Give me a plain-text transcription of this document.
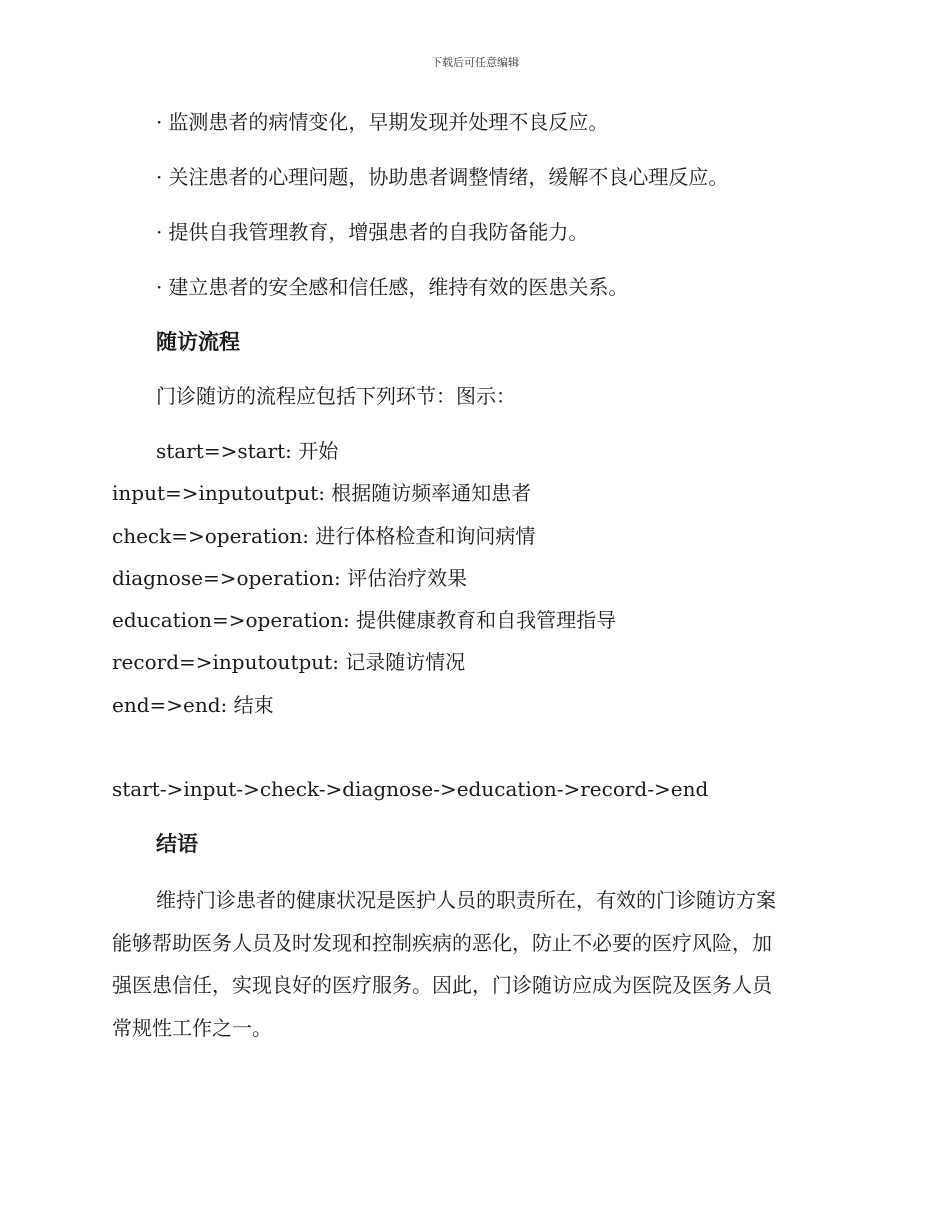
下载后可任意编辑
· 监测患者的病情变化，早期发现并处理不良反应。
· 关注患者的心理问题，协助患者调整情绪，缓解不良心理反应。
· 提供自我管理教育，增强患者的自我防备能力。
· 建立患者的安全感和信任感，维持有效的医患关系。
随访流程
门诊随访的流程应包括下列环节：图示：
start=>start: 开始
input=>inputoutput: 根据随访频率通知患者
check=>operation: 进行体格检查和询问病情
diagnose=>operation: 评估治疗效果
education=>operation: 提供健康教育和自我管理指导
record=>inputoutput: 记录随访情况
end=>end: 结束
start->input->check->diagnose->education->record->end
结语
维持门诊患者的健康状况是医护人员的职责所在，有效的门诊随访方案
能够帮助医务人员及时发现和控制疾病的恶化，防止不必要的医疗风险，加
强医患信任，实现良好的医疗服务。因此，门诊随访应成为医院及医务人员
常规性工作之一。
